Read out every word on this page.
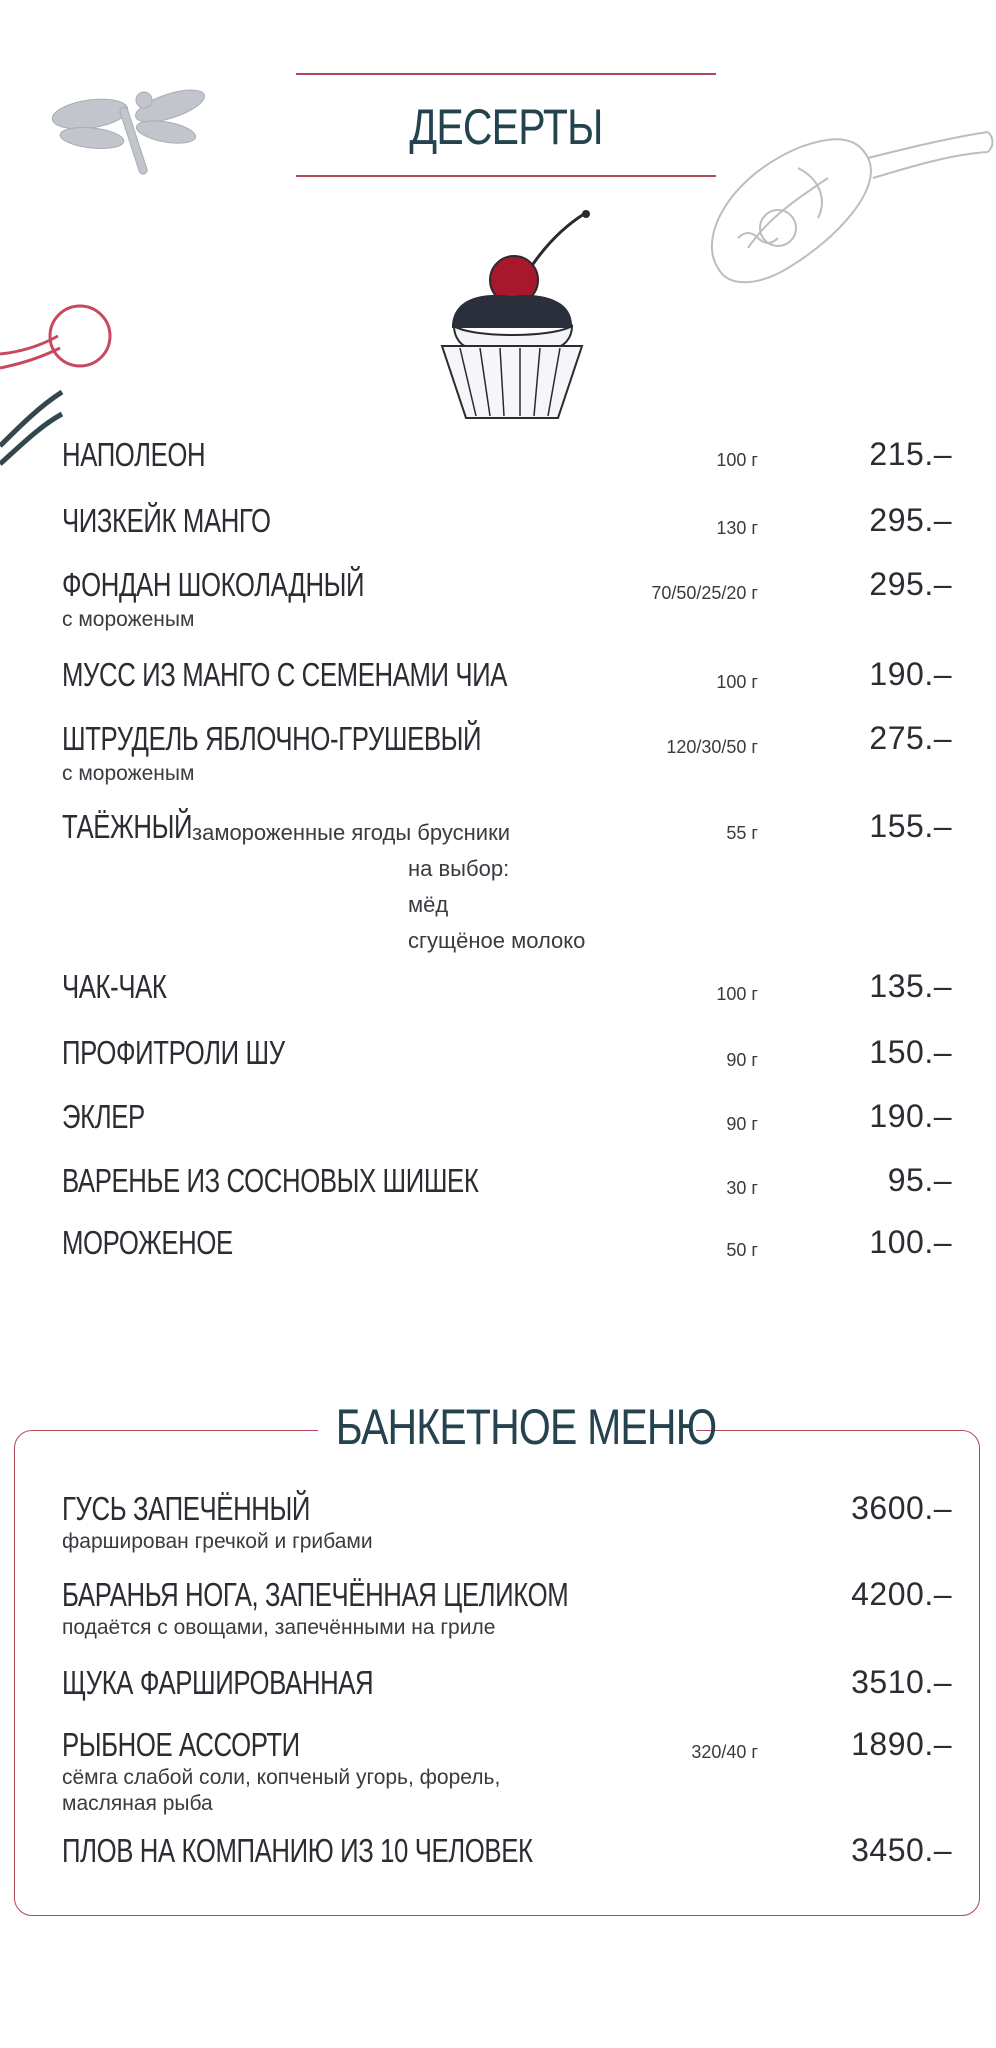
ДЕСЕРТЫ
НАПОЛЕОН	100 г	215.–
ЧИЗКЕЙК МАНГО	130 г	295.–
ФОНДАН ШОКОЛАДНЫЙ
с мороженым
70/50/25/20 г	295.–
МУСС ИЗ МАНГО С СЕМЕНАМИ ЧИА	100 г	190.–
ШТРУДЕЛЬ ЯБЛОЧНО-ГРУШЕВЫЙ
с мороженым
120/30/50 г	275.–
ТАЁЖНЫЙ замороженные ягоды брусники
на выбор:
мёд
сгущёное молоко
55 г	155.–
ЧАК-ЧАК	100 г	135.–
ПРОФИТРОЛИ ШУ	90 г	150.–
ЭКЛЕР	90 г	190.–
ВАРЕНЬЕ ИЗ СОСНОВЫХ ШИШЕК	30 г	95.–
МОРОЖЕНОЕ	50 г	100.–
БАНКЕТНОЕ МЕНЮ
ГУСЬ ЗАПЕЧЁННЫЙ
фарширован гречкой и грибами
3600.–
БАРАНЬЯ НОГА, ЗАПЕЧЁННАЯ ЦЕЛИКОМ
подаётся с овощами, запечёнными на гриле
4200.–
ЩУКА ФАРШИРОВАННАЯ	3510.–
РЫБНОЕ АССОРТИ
сёмга слабой соли, копченый угорь, форель,
масляная рыба
320/40 г	1890.–
ПЛОВ НА КОМПАНИЮ ИЗ 10 ЧЕЛОВЕК	3450.–
